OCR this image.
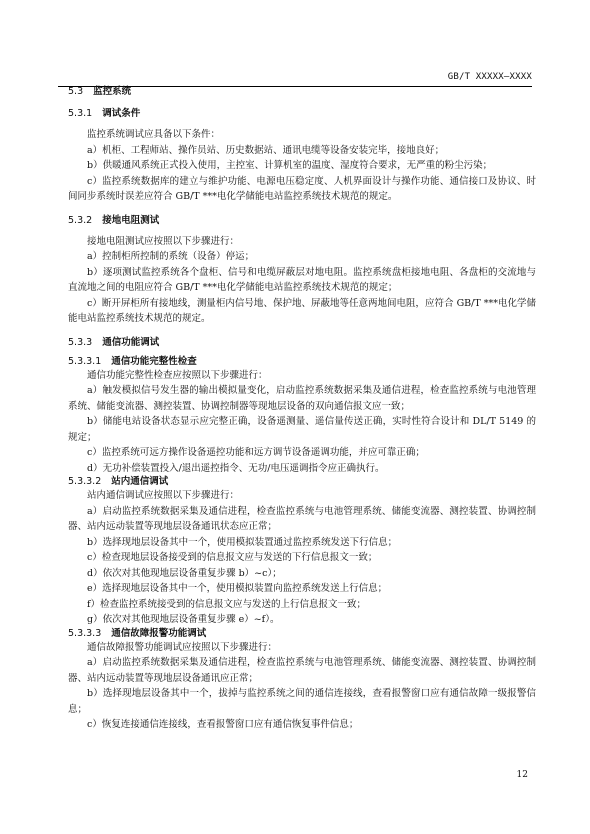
GB/T XXXXX—XXXX
5.3 监控系统
5.3.1 调试条件
监控系统调试应具备以下条件：
a）机柜、工程师站、操作员站、历史数据站、通讯电缆等设备安装完毕，接地良好；
b）供暖通风系统正式投入使用，主控室、计算机室的温度、湿度符合要求，无严重的粉尘污染；
c）监控系统数据库的建立与维护功能、电源电压稳定度、人机界面设计与操作功能、通信接口及协议、时间同步系统时误差应符合 GB/T ***电化学储能电站监控系统技术规范的规定。
5.3.2 接地电阻测试
接地电阻测试应按照以下步骤进行：
a）控制柜所控制的系统（设备）停运；
b）逐项测试监控系统各个盘柜、信号和电缆屏蔽层对地电阻。监控系统盘柜接地电阻、各盘柜的交流地与直流地之间的电阻应符合 GB/T ***电化学储能电站监控系统技术规范的规定；
c）断开屏柜所有接地线，测量柜内信号地、保护地、屏蔽地等任意两地间电阻，应符合 GB/T ***电化学储能电站监控系统技术规范的规定。
5.3.3 通信功能调试
5.3.3.1 通信功能完整性检查
通信功能完整性检查应按照以下步骤进行：
a）触发模拟信号发生器的输出模拟量变化，启动监控系统数据采集及通信进程，检查监控系统与电池管理系统、储能变流器、测控装置、协调控制器等现地层设备的双向通信报文应一致；
b）储能电站设备状态显示应完整正确，设备遥测量、遥信量传送正确，实时性符合设计和 DL/T 5149 的规定；
c）监控系统可远方操作设备遥控功能和远方调节设备遥调功能，并应可靠正确；
d）无功补偿装置投入/退出遥控指令、无功/电压遥调指令应正确执行。
5.3.3.2 站内通信调试
站内通信调试应按照以下步骤进行：
a）启动监控系统数据采集及通信进程，检查监控系统与电池管理系统、储能变流器、测控装置、协调控制器、站内远动装置等现地层设备通讯状态应正常；
b）选择现地层设备其中一个，使用模拟装置通过监控系统发送下行信息；
c）检查现地层设备接受到的信息报文应与发送的下行信息报文一致；
d）依次对其他现地层设备重复步骤 b）~c）；
e）选择现地层设备其中一个，使用模拟装置向监控系统发送上行信息；
f）检查监控系统接受到的信息报文应与发送的上行信息报文一致；
g）依次对其他现地层设备重复步骤 e）~f）。
5.3.3.3 通信故障报警功能调试
通信故障报警功能调试应按照以下步骤进行：
a）启动监控系统数据采集及通信进程，检查监控系统与电池管理系统、储能变流器、测控装置、协调控制器、站内远动装置等现地层设备通讯应正常；
b）选择现地层设备其中一个，拔掉与监控系统之间的通信连接线，查看报警窗口应有通信故障一级报警信息；
c）恢复连接通信连接线，查看报警窗口应有通信恢复事件信息；
12
